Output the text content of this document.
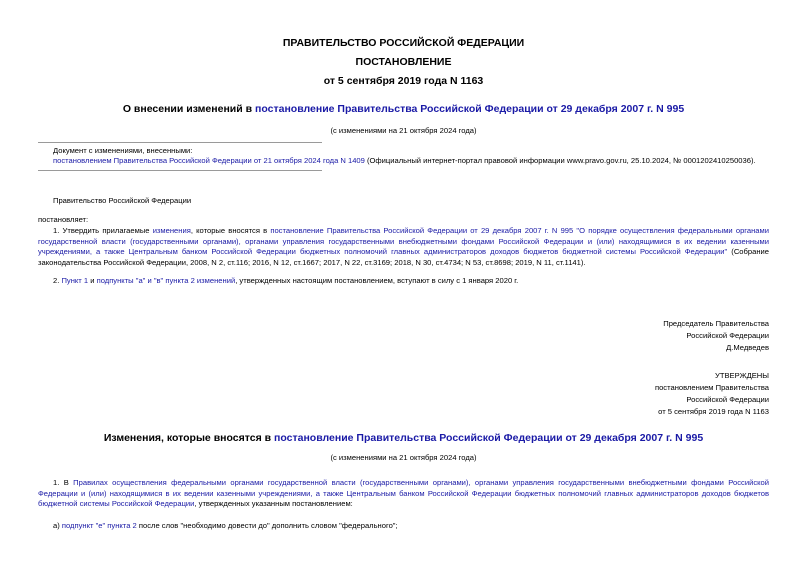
ПРАВИТЕЛЬСТВО РОССИЙСКОЙ ФЕДЕРАЦИИ
ПОСТАНОВЛЕНИЕ
от 5 сентября 2019 года N 1163
О внесении изменений в постановление Правительства Российской Федерации от 29 декабря 2007 г. N 995
(с изменениями на 21 октября 2024 года)
Документ с изменениями, внесенными:
постановлением Правительства Российской Федерации от 21 октября 2024 года N 1409 (Официальный интернет-портал правовой информации www.pravo.gov.ru, 25.10.2024, № 0001202410250036).
Правительство Российской Федерации
постановляет:
1. Утвердить прилагаемые изменения, которые вносятся в постановление Правительства Российской Федерации от 29 декабря 2007 г. N 995 "О порядке осуществления федеральными органами государственной власти (государственными органами), органами управления государственными внебюджетными фондами Российской Федерации и (или) находящимися в их ведении казенными учреждениями, а также Центральным банком Российской Федерации бюджетных полномочий главных администраторов доходов бюджетов бюджетной системы Российской Федерации" (Собрание законодательства Российской Федерации, 2008, N 2, ст.116; 2016, N 12, ст.1667; 2017, N 22, ст.3169; 2018, N 30, ст.4734; N 53, ст.8698; 2019, N 11, ст.1141).
2. Пункт 1 и подпункты "а" и "в" пункта 2 изменений, утвержденных настоящим постановлением, вступают в силу с 1 января 2020 г.
Председатель Правительства
Российской Федерации
Д.Медведев
УТВЕРЖДЕНЫ
постановлением Правительства
Российской Федерации
от 5 сентября 2019 года N 1163
Изменения, которые вносятся в постановление Правительства Российской Федерации от 29 декабря 2007 г. N 995
(с изменениями на 21 октября 2024 года)
1. В Правилах осуществления федеральными органами государственной власти (государственными органами), органами управления государственными внебюджетными фондами Российской Федерации и (или) находящимися в их ведении казенными учреждениями, а также Центральным банком Российской Федерации бюджетных полномочий главных администраторов доходов бюджетов бюджетной системы Российской Федерации, утвержденных указанным постановлением:
а) подпункт "е" пункта 2 после слов "необходимо довести до" дополнить словом "федерального";
